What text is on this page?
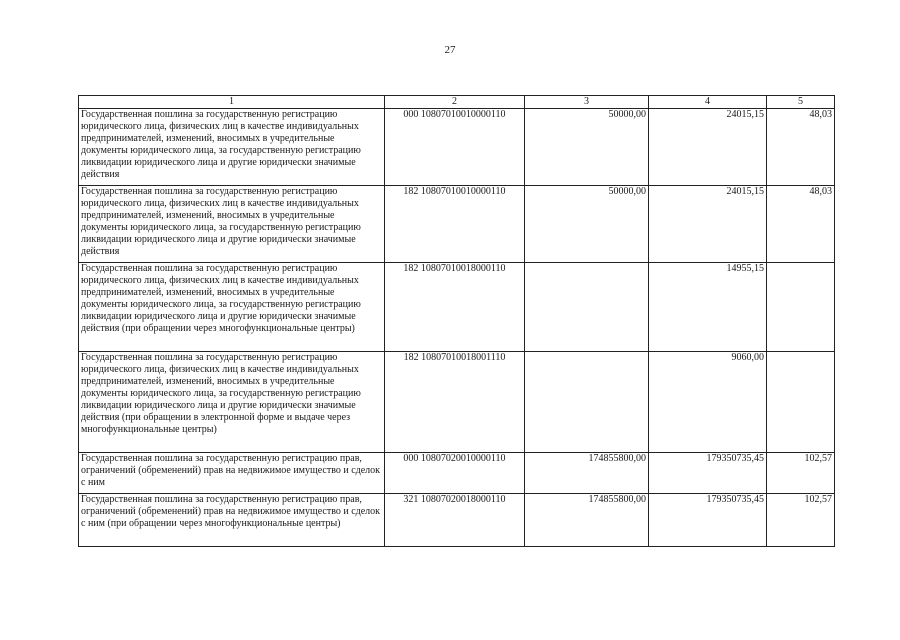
27
1	2	3	4	5
Государственная пошлина за государственную регистрацию юридического лица, физических лиц в качестве индивидуальных предпринимателей, изменений, вносимых в учредительные документы юридического лица, за государственную регистрацию ликвидации юридического лица и другие юридически значимые действия	000 10807010010000110	50000,00	24015,15	48,03
Государственная пошлина за государственную регистрацию юридического лица, физических лиц в качестве индивидуальных предпринимателей, изменений, вносимых в учредительные документы юридического лица, за государственную регистрацию ликвидации юридического лица и другие юридически значимые действия	182 10807010010000110	50000,00	24015,15	48,03
Государственная пошлина за государственную регистрацию юридического лица, физических лиц в качестве индивидуальных предпринимателей, изменений, вносимых в учредительные документы юридического лица, за государственную регистрацию ликвидации юридического лица и другие юридически значимые действия (при обращении через многофункциональные центры)	182 10807010018000110		14955,15	
Государственная пошлина за государственную регистрацию юридического лица, физических лиц в качестве индивидуальных предпринимателей, изменений, вносимых в учредительные документы юридического лица, за государственную регистрацию ликвидации юридического лица и другие юридически значимые действия (при обращении в электронной форме и выдаче через многофункциональные центры)	182 10807010018001110		9060,00	
Государственная пошлина за государственную регистрацию прав, ограничений (обременений) прав на недвижимое имущество и сделок с ним	000 10807020010000110	174855800,00	179350735,45	102,57
Государственная пошлина за государственную регистрацию прав, ограничений (обременений) прав на недвижимое имущество и сделок с ним (при обращении через многофункциональные центры)	321 10807020018000110	174855800,00	179350735,45	102,57
